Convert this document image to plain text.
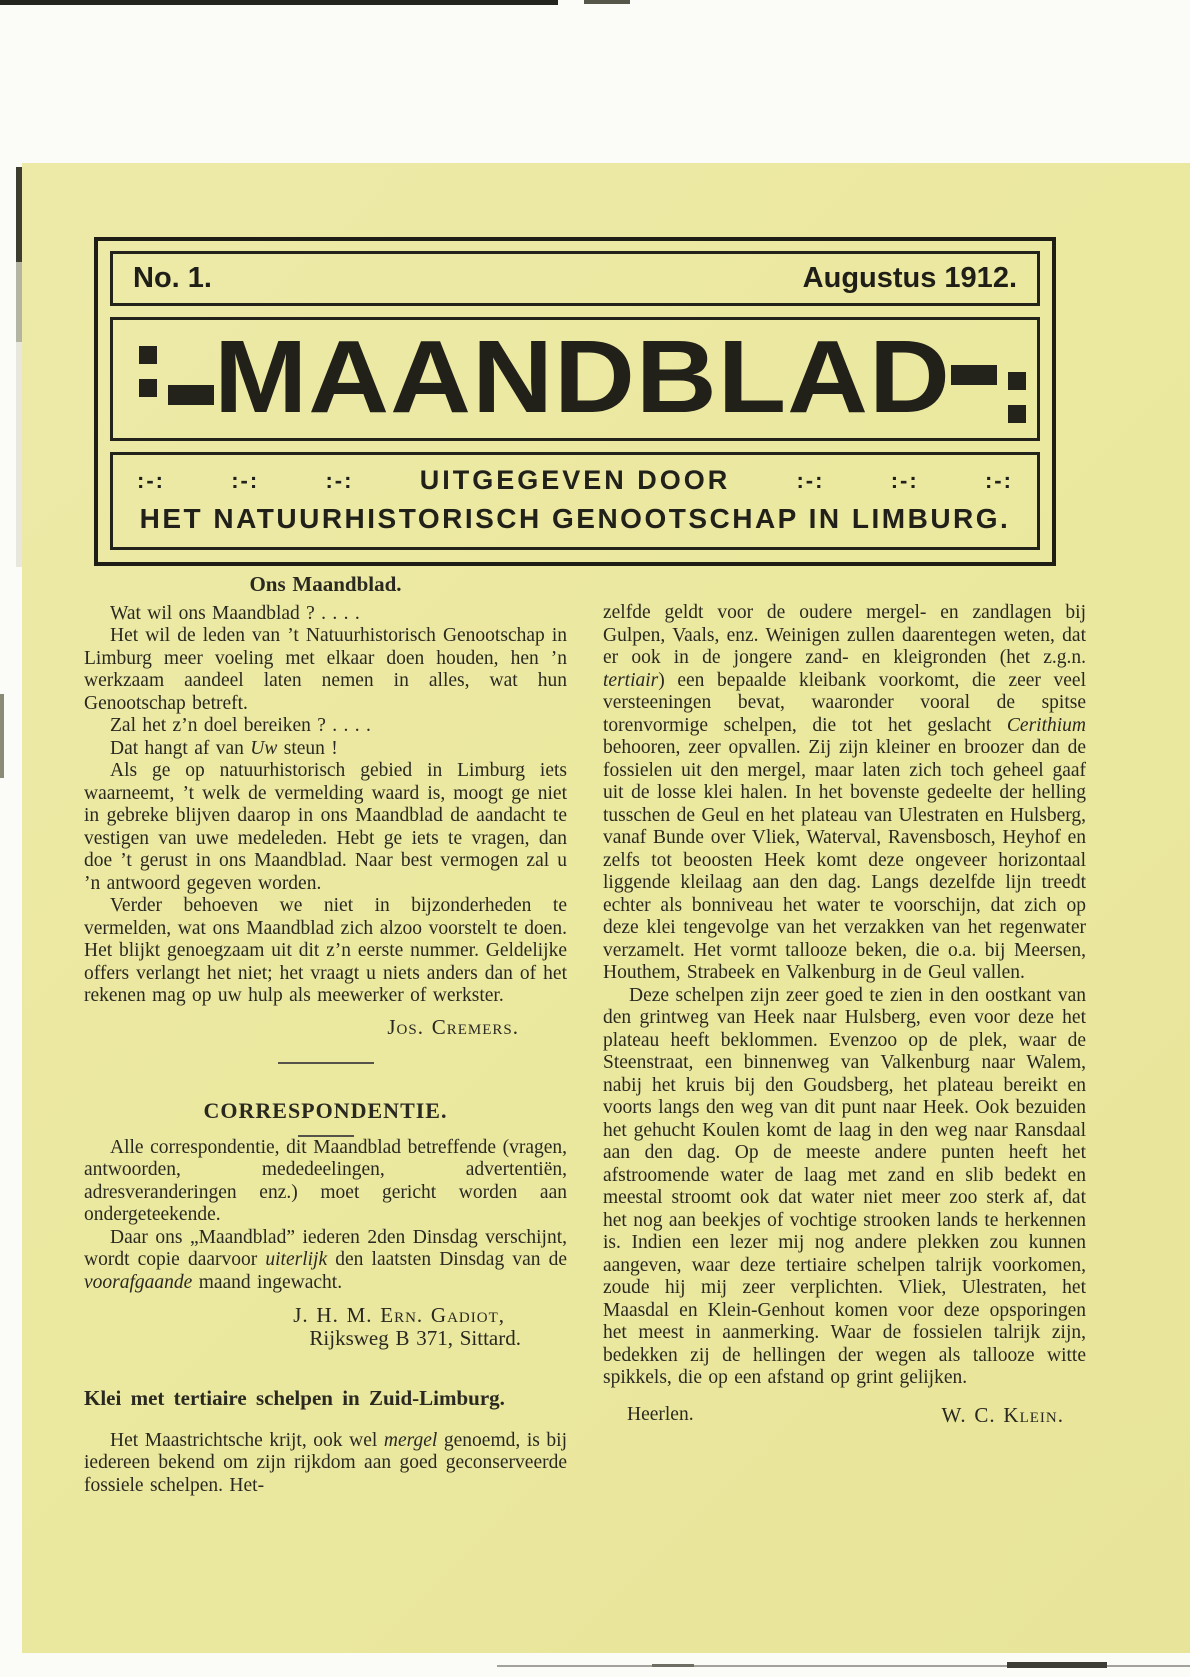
No. 1.	Augustus 1912.
MAANDBLAD
:-:	:-:	:-: UITGEGEVEN DOOR	:-:	:-:	:-:
HET NATUURHISTORISCH GENOOTSCHAP IN LIMBURG.
Ons Maandblad.

Wat wil ons Maandblad ? . . . .

Het wil de leden van ’t Natuurhistorisch Genootschap in Limburg meer voeling met elkaar doen houden, hen ’n werkzaam aandeel laten nemen in alles, wat hun Genootschap betreft.

Zal het z’n doel bereiken ? . . . .

Dat hangt af van Uw steun !

Als ge op natuurhistorisch gebied in Limburg iets waarneemt, ’t welk de vermelding waard is, moogt ge niet in gebreke blijven daarop in ons Maandblad de aandacht te vestigen van uwe medeleden. Hebt ge iets te vragen, dan doe ’t gerust in ons Maandblad. Naar best vermogen zal u ’n antwoord gegeven worden.

Verder behoeven we niet in bijzonderheden te vermelden, wat ons Maandblad zich alzoo voorstelt te doen. Het blijkt genoegzaam uit dit z’n eerste nummer. Geldelijke offers verlangt het niet; het vraagt u niets anders dan of het rekenen mag op uw hulp als meewerker of werkster.

Jos. Cremers.
CORRESPONDENTIE.

Alle correspondentie, dit Maandblad betreffende (vragen, antwoorden, mededeelingen, advertentiën, adresveranderingen enz.) moet gericht worden aan ondergeteekende.

Daar ons „Maandblad” iederen 2den Dinsdag verschijnt, wordt copie daarvoor uiterlijk den laatsten Dinsdag van de voorafgaande maand ingewacht.

J. H. M. Ern. Gadiot,
Rijksweg B 371, Sittard.
Klei met tertiaire schelpen in Zuid-Limburg.

Het Maastrichtsche krijt, ook wel mergel genoemd, is bij iedereen bekend om zijn rijkdom aan goed geconserveerde fossiele schelpen. Het-

zelfde geldt voor de oudere mergel- en zandlagen bij Gulpen, Vaals, enz. Weinigen zullen daarentegen weten, dat er ook in de jongere zand- en kleigronden (het z.g.n. tertiair) een bepaalde kleibank voorkomt, die zeer veel versteeningen bevat, waaronder vooral de spitse torenvormige schelpen, die tot het geslacht Cerithium behooren, zeer opvallen. Zij zijn kleiner en broozer dan de fossielen uit den mergel, maar laten zich toch geheel gaaf uit de losse klei halen. In het bovenste gedeelte der helling tusschen de Geul en het plateau van Ulestraten en Hulsberg, vanaf Bunde over Vliek, Waterval, Ravensbosch, Heyhof en zelfs tot beoosten Heek komt deze ongeveer horizontaal liggende kleilaag aan den dag. Langs dezelfde lijn treedt echter als bonniveau het water te voorschijn, dat zich op deze klei tengevolge van het verzakken van het regenwater verzamelt. Het vormt tallooze beken, die o.a. bij Meersen, Houthem, Strabeek en Valkenburg in de Geul vallen.

Deze schelpen zijn zeer goed te zien in den oostkant van den grintweg van Heek naar Hulsberg, even voor deze het plateau heeft beklommen. Evenzoo op de plek, waar de Steenstraat, een binnenweg van Valkenburg naar Walem, nabij het kruis bij den Goudsberg, het plateau bereikt en voorts langs den weg van dit punt naar Heek. Ook bezuiden het gehucht Koulen komt de laag in den weg naar Ransdaal aan den dag. Op de meeste andere punten heeft het afstroomende water de laag met zand en slib bedekt en meestal stroomt ook dat water niet meer zoo sterk af, dat het nog aan beekjes of vochtige strooken lands te herkennen is. Indien een lezer mij nog andere plekken zou kunnen aangeven, waar deze tertiaire schelpen talrijk voorkomen, zoude hij mij zeer verplichten. Vliek, Ulestraten, het Maasdal en Klein-Genhout komen voor deze opsporingen het meest in aanmerking. Waar de fossielen talrijk zijn, bedekken zij de hellingen der wegen als tallooze witte spikkels, die op een afstand op grint gelijken.

Heerlen.	W. C. Klein.
